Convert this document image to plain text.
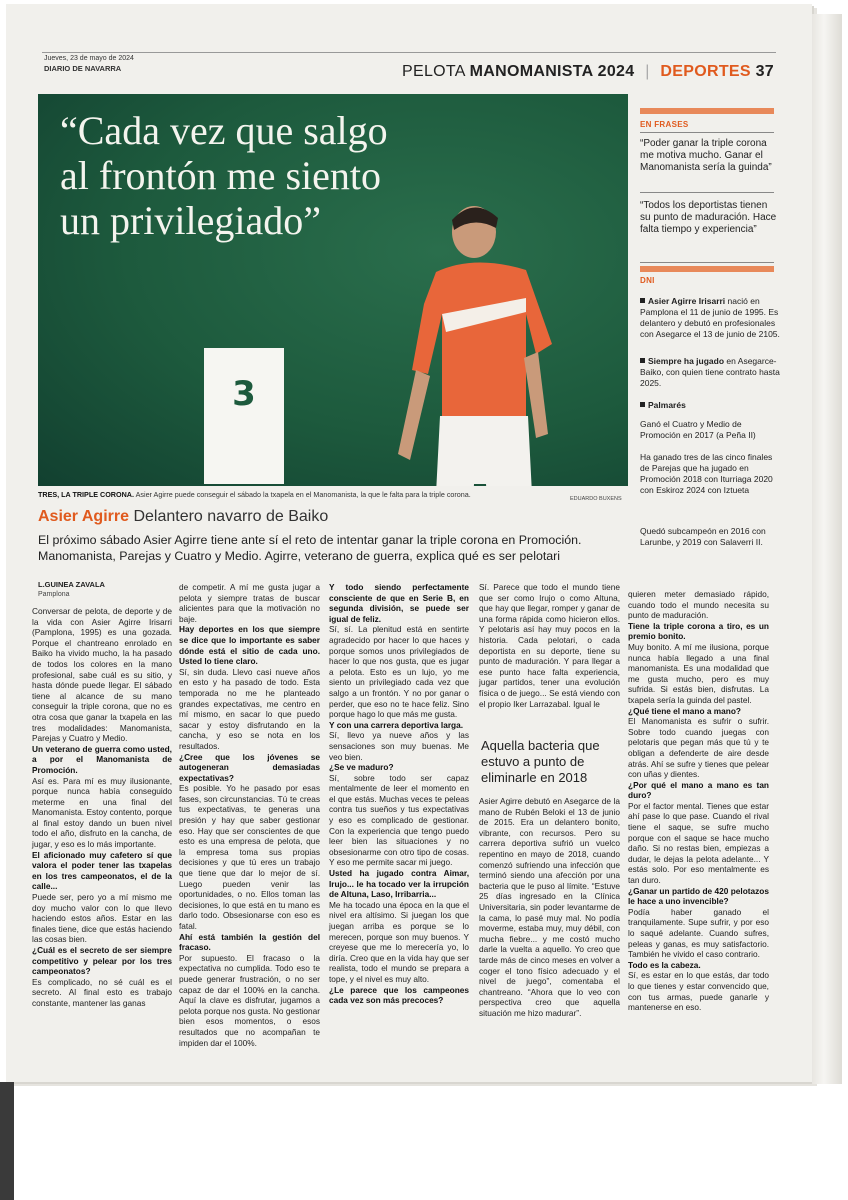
Jueves, 23 de mayo de 2024
DIARIO DE NAVARRA	PELOTA MANOMANISTA 2024 | DEPORTES 37
“Cada vez que salgo al frontón me siento un privilegiado”
3
TRES, LA TRIPLE CORONA. Asier Agirre puede conseguir el sábado la txapela en el Manomanista, la que le falta para la triple corona.	EDUARDO BUXENS
Asier Agirre Delantero navarro de Baiko
El próximo sábado Asier Agirre tiene ante sí el reto de intentar ganar la triple corona en Promoción. Manomanista, Parejas y Cuatro y Medio. Agirre, veterano de guerra, explica qué es ser pelotari
L.GUINEA ZAVALA
Pamplona

Conversar de pelota, de deporte y de la vida con Asier Agirre Irisarri (Pamplona, 1995) es una gozada. Porque el chantreano enrolado en Baiko ha vivido mucho, la ha pasado de todos los colores en la mano profesional, sabe cuál es su sitio, y hasta dónde puede llegar. El sábado tiene al alcance de su mano conseguir la triple corona, que no es otra cosa que ganar la txapela en las tres modalidades: Manomanista, Parejas y Cuatro y Medio.

Un veterano de guerra como usted, a por el Manomanista de Promoción.

Así es. Para mí es muy ilusionante, porque nunca había conseguido meterme en una final del Manomanista. Estoy contento, porque al final estoy dando un buen nivel todo el año, disfruto en la cancha, de jugar, y eso es lo más importante.

El aficionado muy cafetero sí que valora el poder tener las txapelas en los tres campeonatos, el de la calle...

Puede ser, pero yo a mí mismo me doy mucho valor con lo que llevo haciendo estos años. Estar en las finales tiene, dice que estás haciendo las cosas bien.

¿Cuál es el secreto de ser siempre competitivo y pelear por los tres campeonatos?

Es complicado, no sé cuál es el secreto. Al final esto es trabajo constante, mantener las ganas

de competir. A mí me gusta jugar a pelota y siempre tratas de buscar alicientes para que la motivación no baje.

Hay deportes en los que siempre se dice que lo importante es saber dónde está el sitio de cada uno. Usted lo tiene claro.

Sí, sin duda. Llevo casi nueve años en esto y ha pasado de todo. Esta temporada no me he planteado grandes expectativas, me centro en mí mismo, en sacar lo que puedo sacar y estoy disfrutando en la cancha, y eso se nota en los resultados.

¿Cree que los jóvenes se autogeneran demasiadas expectativas?

Es posible. Yo he pasado por esas fases, son circunstancias. Tú te creas tus expectativas, te generas una presión y hay que saber gestionar eso. Hay que ser conscientes de que esto es una empresa de pelota, que la empresa toma sus propias decisiones y que tú eres un trabajo que tiene que dar lo mejor de sí. Luego pueden venir las oportunidades, o no. Ellos toman las decisiones, lo que está en tu mano es darlo todo. Obsesionarse con eso es fatal.

Ahí está también la gestión del fracaso.

Por supuesto. El fracaso o la expectativa no cumplida. Todo eso te puede generar frustración, o no ser capaz de dar el 100% en la cancha. Aquí la clave es disfrutar, jugamos a pelota porque nos gusta. No gestionar bien esos momentos, o esos resultados que no acompañan te impiden dar el 100%.

Y todo siendo perfectamente consciente de que en Serie B, en segunda división, se puede ser igual de feliz.

Sí, sí. La plenitud está en sentirte agradecido por hacer lo que haces y porque somos unos privilegiados de hacer lo que nos gusta, que es jugar a pelota. Esto es un lujo, yo me siento un privilegiado cada vez que salgo a un frontón. Y no por ganar o perder, que eso no te hace feliz. Sino porque hago lo que más me gusta.

Y con una carrera deportiva larga.

Sí, llevo ya nueve años y las sensaciones son muy buenas. Me veo bien.

¿Se ve maduro?

Sí, sobre todo ser capaz mentalmente de leer el momento en el que estás. Muchas veces te peleas contra tus sueños y tus expectativas y eso es complicado de gestionar. Con la experiencia que tengo puedo leer bien las situaciones y no obsesionarme con otro tipo de cosas. Y eso me permite sacar mi juego.

Usted ha jugado contra Aimar, Irujo... le ha tocado ver la irrupción de Altuna, Laso, Irribarria...

Me ha tocado una época en la que el nivel era altísimo. Si juegan los que juegan arriba es porque se lo merecen, porque son muy buenos. Y creyese que me lo merecería yo, lo diría. Creo que en la vida hay que ser realista, todo el mundo se prepara a tope, y el nivel es muy alto.

¿Le parece que los campeones cada vez son más precoces?

Sí. Parece que todo el mundo tiene que ser como Irujo o como Altuna, que hay que llegar, romper y ganar de una forma rápida como hicieron ellos. Y pelotaris así hay muy pocos en la historia. Cada pelotari, o cada deportista en su deporte, tiene su punto de maduración. Y para llegar a ese punto hace falta experiencia, jugar partidos, tener una evolución física o de juego... Se está viendo con el propio Iker Larrazabal. Igual le

Aquella bacteria que estuvo a punto de eliminarle en 2018

Asier Agirre debutó en Asegarce de la mano de Rubén Beloki el 13 de junio de 2015. Era un delantero bonito, vibrante, con recursos. Pero su carrera deportiva sufrió un vuelco repentino en mayo de 2018, cuando comenzó sufriendo una infección que terminó siendo una afección por una bacteria que le puso al límite. “Estuve 25 días ingresado en la Clínica Universitaria, sin poder levantarme de la cama, lo pasé muy mal. No podía moverme, estaba muy, muy débil, con mucha fiebre... y me costó mucho darle la vuelta a aquello. Yo creo que tarde más de cinco meses en volver a coger el tono físico adecuado y el nivel de juego”, comentaba el chantreano. “Ahora que lo veo con perspectiva creo que aquella situación me hizo madurar”.

quieren meter demasiado rápido, cuando todo el mundo necesita su punto de maduración.

Tiene la triple corona a tiro, es un premio bonito.

Muy bonito. A mí me ilusiona, porque nunca había llegado a una final manomanista. Es una modalidad que me gusta mucho, pero es muy sufrida. Si estás bien, disfrutas. La txapela sería la guinda del pastel.

¿Qué tiene el mano a mano?

El Manomanista es sufrir o sufrir. Sobre todo cuando juegas con pelotaris que pegan más que tú y te obligan a defenderte de aire desde atrás. Ahí se sufre y tienes que pelear con uñas y dientes.

¿Por qué el mano a mano es tan duro?

Por el factor mental. Tienes que estar ahí pase lo que pase. Cuando el rival tiene el saque, se sufre mucho porque con el saque se hace mucho daño. Si no restas bien, empiezas a dudar, le dejas la pelota adelante... Y estás solo. Por eso mentalmente es tan duro.

¿Ganar un partido de 420 pelotazos le hace a uno invencible?

Podía haber ganado el tranquilamente. Supe sufrir, y por eso lo saqué adelante. Cuando sufres, peleas y ganas, es muy satisfactorio. También he vivido el caso contrario.

Todo es la cabeza.

Sí, es estar en lo que estás, dar todo lo que tienes y estar convencido que, con tus armas, puede ganarle y mantenerse en eso.

EN FRASES
“Poder ganar la triple corona me motiva mucho. Ganar el Manomanista sería la guinda”
“Todos los deportistas tienen su punto de maduración. Hace falta tiempo y experiencia”
DNI
Asier Agirre Irisarri nació en Pamplona el 11 de junio de 1995. Es delantero y debutó en profesionales con Asegarce el 13 de junio de 2105.
Siempre ha jugado en Asegarce-Baiko, con quien tiene contrato hasta 2025.
Palmarés
Ganó el Cuatro y Medio de Promoción en 2017 (a Peña II)
Ha ganado tres de las cinco finales de Parejas que ha jugado en Promoción 2018 con Iturriaga 2020 con Eskiroz 2024 con Iztueta
Quedó subcampeón en 2016 con Larunbe, y 2019 con Salaverri II.
